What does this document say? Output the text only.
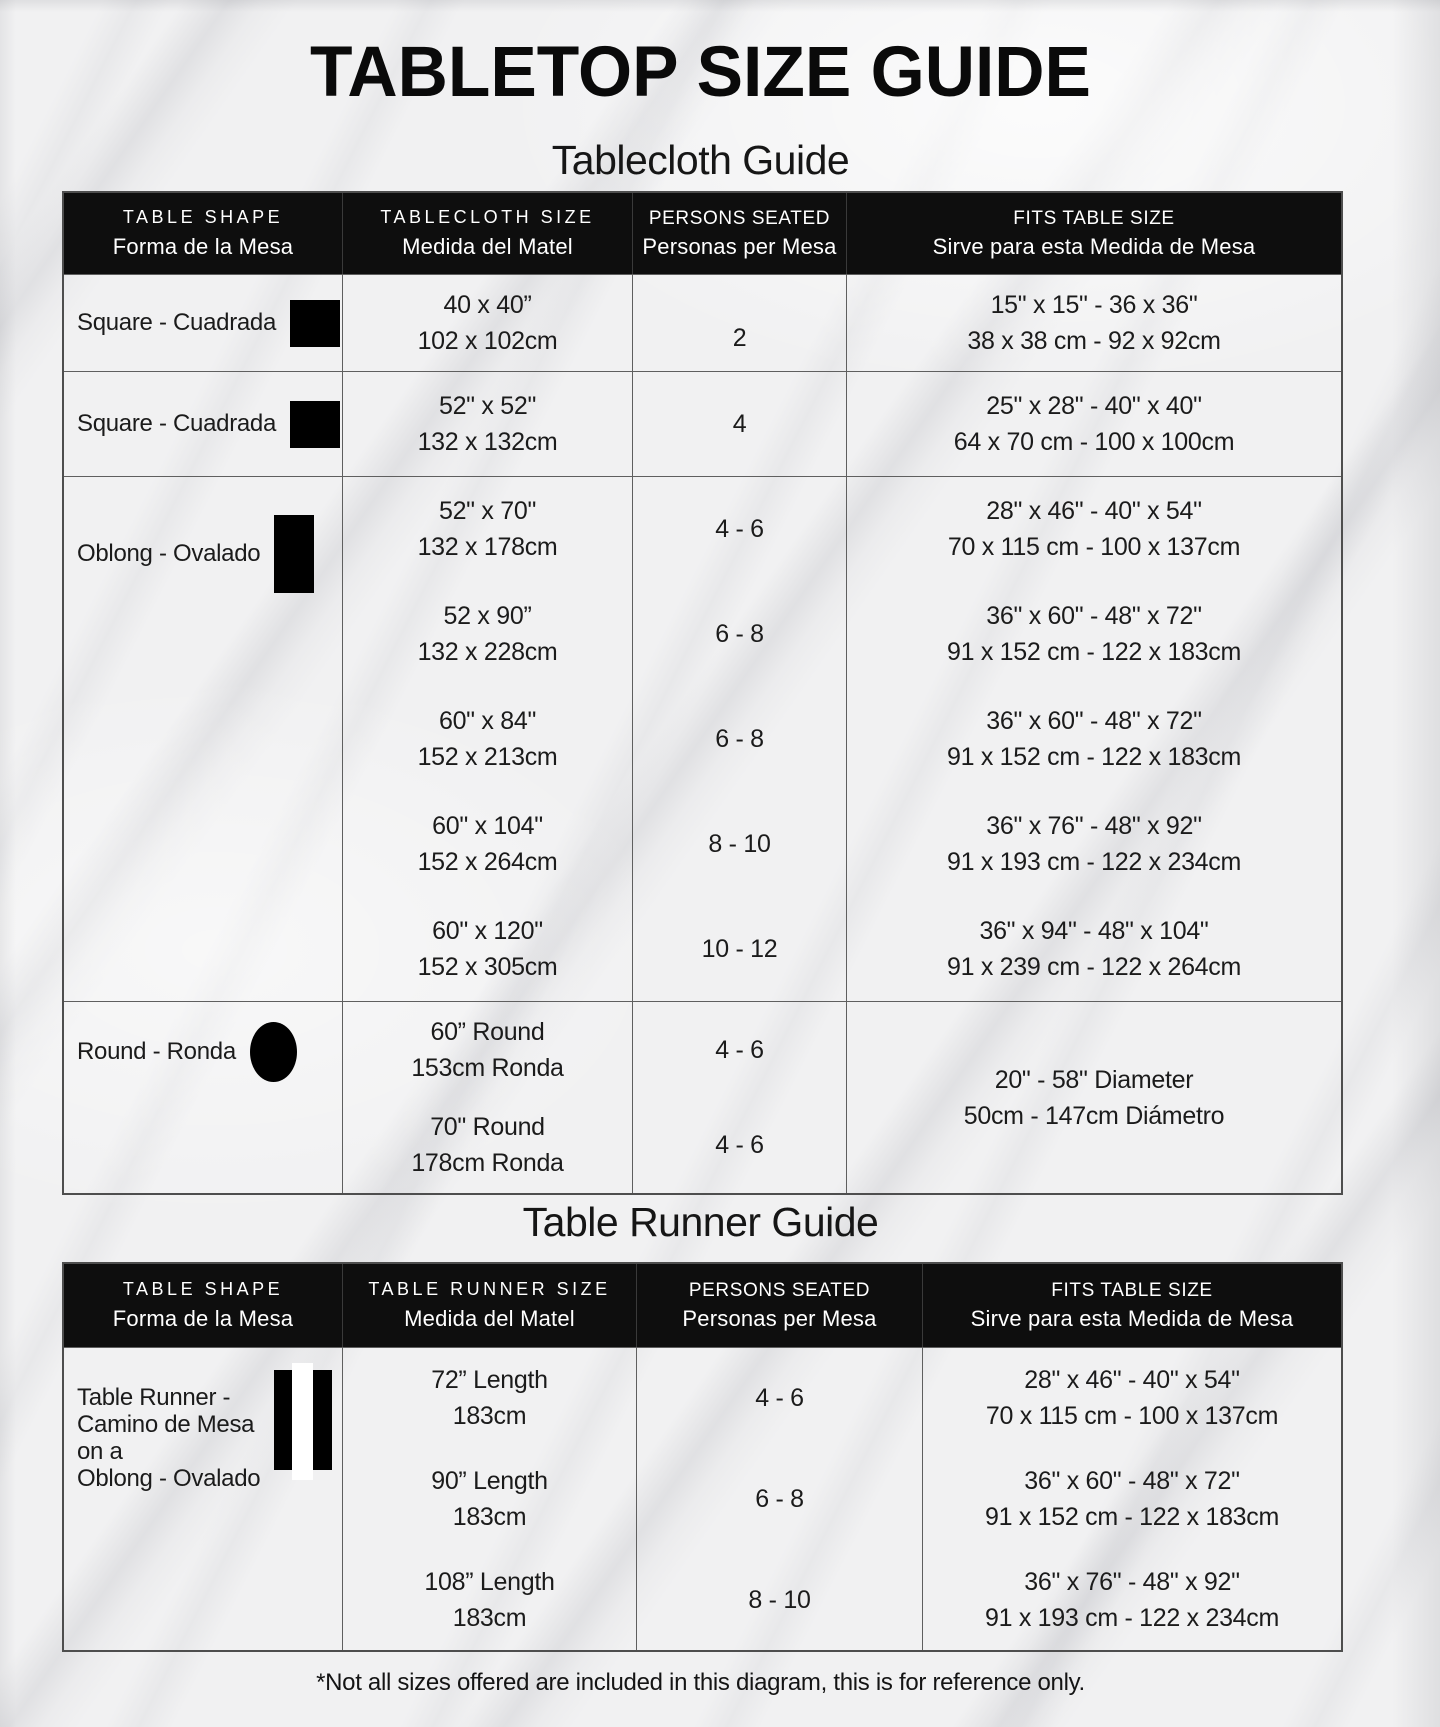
TABLETOP SIZE GUIDE
Tablecloth Guide
TABLE SHAPE
Forma de la Mesa
TABLECLOTH SIZE
Medida del Matel
PERSONS SEATED
Personas per Mesa
FITS TABLE SIZE
Sirve para esta Medida de Mesa
Square - Cuadrada
40 x 40”
102 x 102cm	2
15" x 15" - 36 x 36"
38 x 38 cm - 92 x 92cm
Square - Cuadrada
52" x 52"
132 x 132cm
4
25" x 28" - 40" x 40"
64 x 70 cm - 100 x 100cm
Oblong - Ovalado
52" x 70"
132 x 178cm
52 x 90”
132 x 228cm
60" x 84"
152 x 213cm
60" x 104"
152 x 264cm
60" x 120"
152 x 305cm
4 - 6
6 - 8
6 - 8
8 - 10
10 - 12
28" x 46" - 40" x 54"
70 x 115 cm - 100 x 137cm
36" x 60" - 48" x 72"
91 x 152 cm - 122 x 183cm
36" x 60" - 48" x 72"
91 x 152 cm - 122 x 183cm
36" x 76" - 48" x 92"
91 x 193 cm - 122 x 234cm
36" x 94" - 48" x 104"
91 x 239 cm - 122 x 264cm
Round - Ronda
60” Round
153cm Ronda
70" Round
178cm Ronda
4 - 6
4 - 6
20" - 58" Diameter
50cm - 147cm Diámetro
Table Runner Guide
TABLE SHAPE
Forma de la Mesa
TABLE RUNNER SIZE
Medida del Matel
PERSONS SEATED
Personas per Mesa
FITS TABLE SIZE
Sirve para esta Medida de Mesa
Table Runner -
Camino de Mesa
on a
Oblong - Ovalado
72” Length
183cm
90” Length
183cm
108” Length
183cm
4 - 6
6 - 8
8 - 10
28" x 46" - 40" x 54"
70 x 115 cm - 100 x 137cm
36" x 60" - 48" x 72"
91 x 152 cm - 122 x 183cm
36" x 76" - 48" x 92"
91 x 193 cm - 122 x 234cm
*Not all sizes offered are included in this diagram, this is for reference only.
